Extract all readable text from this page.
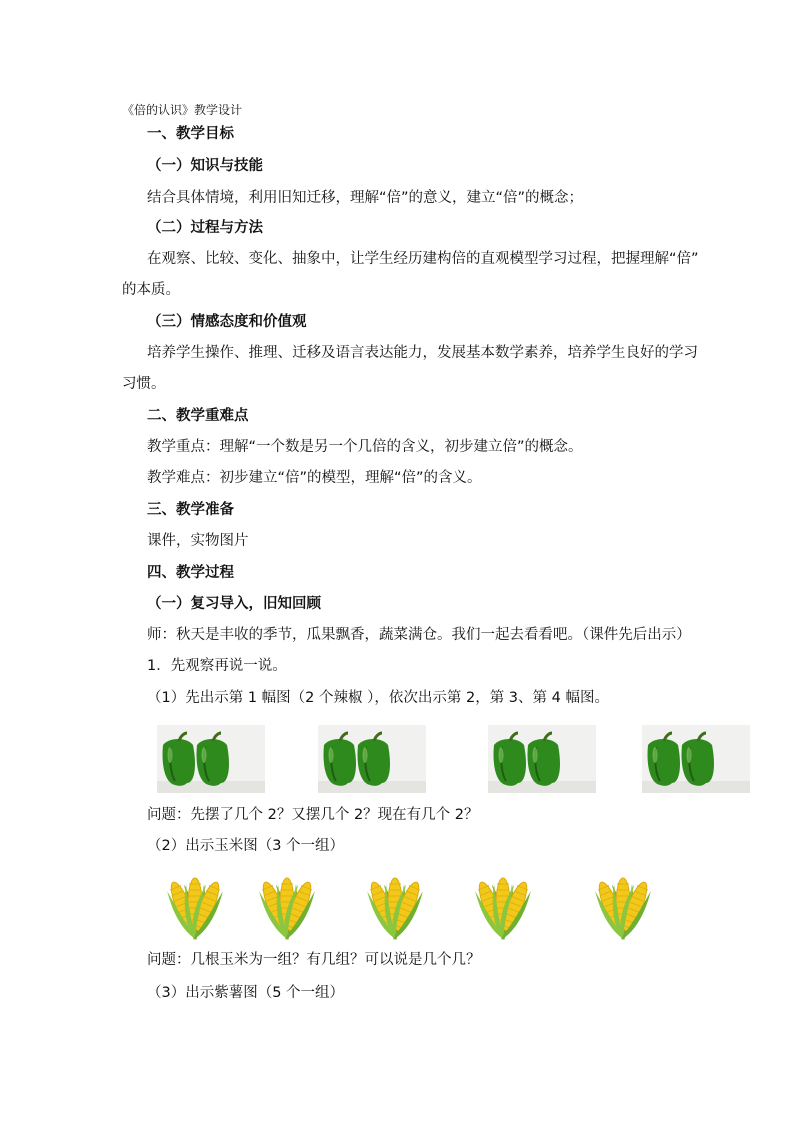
《倍的认识》教学设计
一、教学目标
（一）知识与技能
结合具体情境，利用旧知迁移，理解“倍”的意义，建立“倍”的概念；
（二）过程与方法
在观察、比较、变化、抽象中，让学生经历建构倍的直观模型学习过程，把握理解“倍”
的本质。
（三）情感态度和价值观
培养学生操作、推理、迁移及语言表达能力，发展基本数学素养，培养学生良好的学习
习惯。
二、教学重难点
教学重点：理解“一个数是另一个几倍的含义，初步建立倍”的概念。
教学难点：初步建立“倍”的模型，理解“倍”的含义。
三、教学准备
课件，实物图片
四、教学过程
（一）复习导入，旧知回顾
师：秋天是丰收的季节，瓜果飘香，蔬菜满仓。我们一起去看看吧。（课件先后出示）
1．先观察再说一说。
（1）先出示第 1 幅图（2 个辣椒 ），依次出示第 2，第 3、第 4 幅图。
问题：先摆了几个 2？又摆几个 2？现在有几个 2？
（2）出示玉米图（3 个一组）
问题：几根玉米为一组？有几组？可以说是几个几？
（3）出示紫薯图（5 个一组）
